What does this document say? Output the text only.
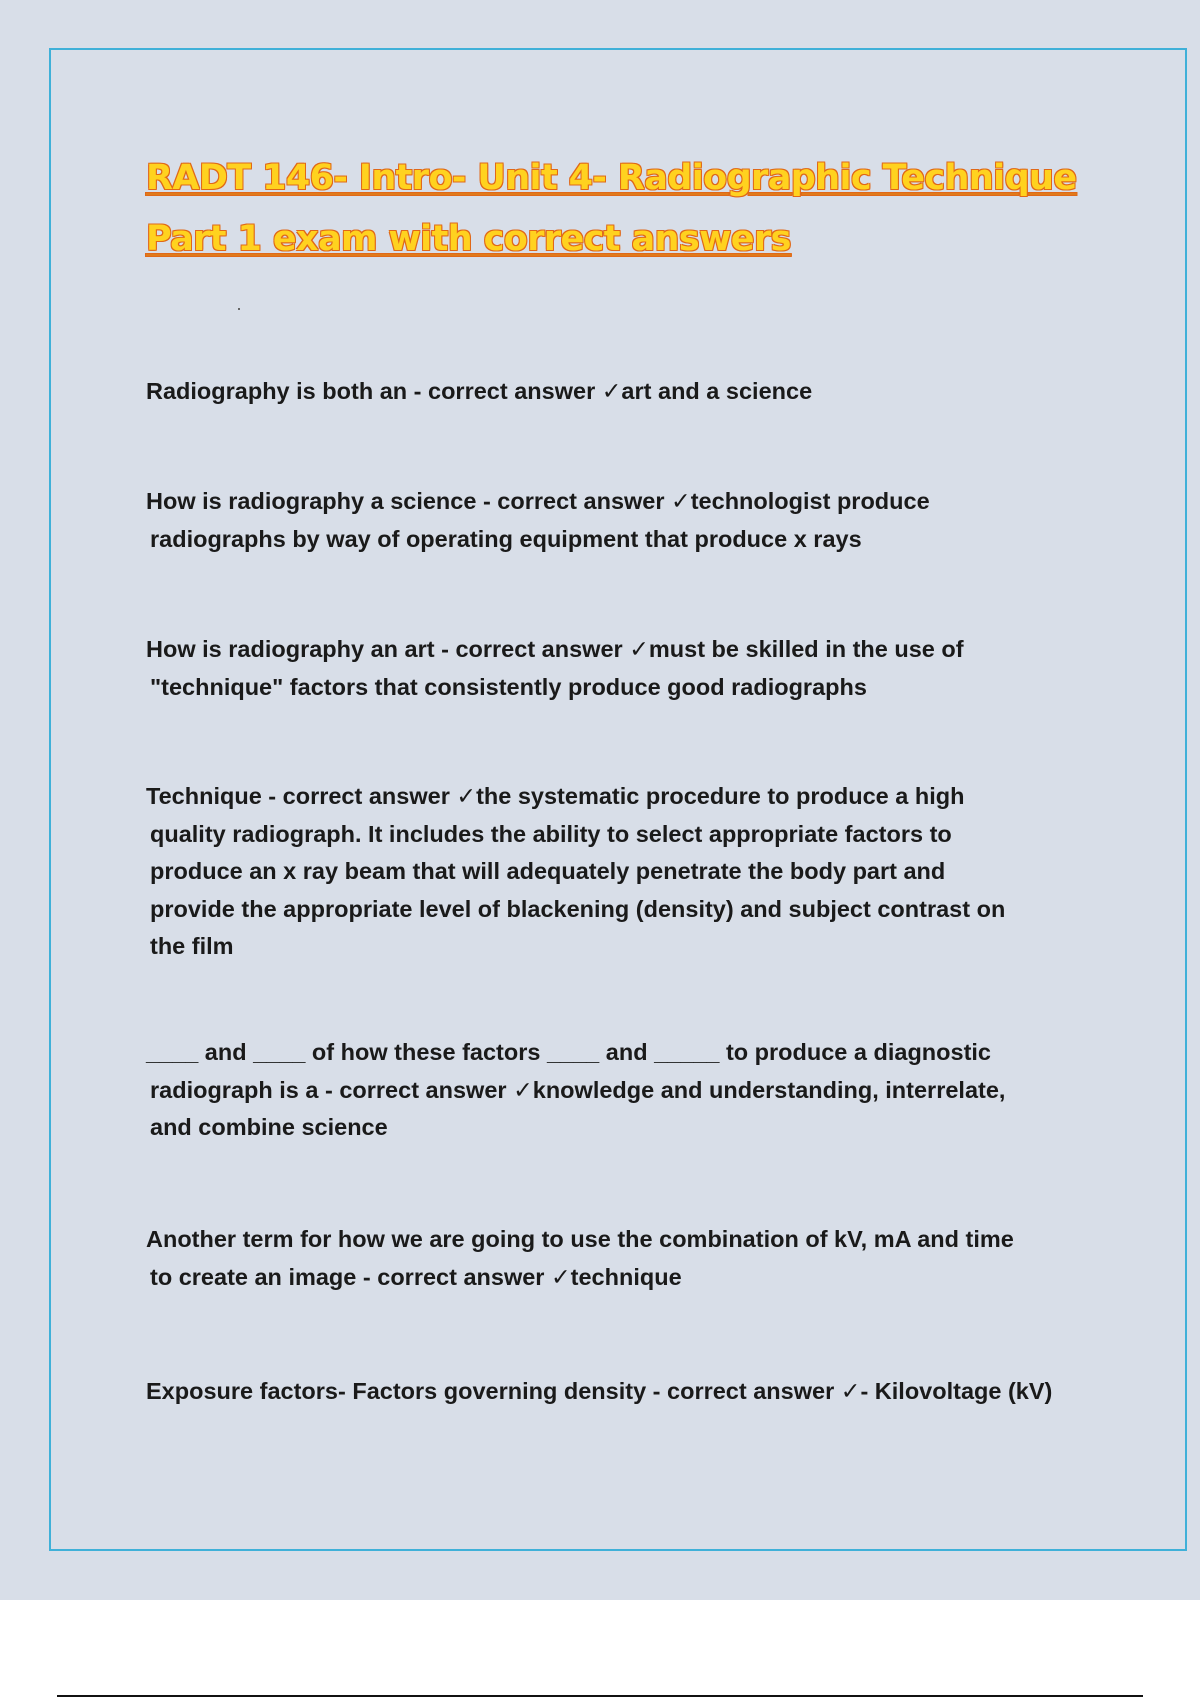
RADT 146- Intro- Unit 4- Radiographic Technique
Part 1 exam with correct answers

Radiography is both an - correct answer ✓art and a science

How is radiography a science - correct answer ✓technologist produce
radiographs by way of operating equipment that produce x rays

How is radiography an art - correct answer ✓must be skilled in the use of
"technique" factors that consistently produce good radiographs

Technique - correct answer ✓the systematic procedure to produce a high
quality radiograph. It includes the ability to select appropriate factors to
produce an x ray beam that will adequately penetrate the body part and
provide the appropriate level of blackening (density) and subject contrast on
the film

____ and ____ of how these factors ____ and _____ to produce a diagnostic
radiograph is a - correct answer ✓knowledge and understanding, interrelate,
and combine science

Another term for how we are going to use the combination of kV, mA and time
to create an image - correct answer ✓technique

Exposure factors- Factors governing density - correct answer ✓- Kilovoltage (kV)
